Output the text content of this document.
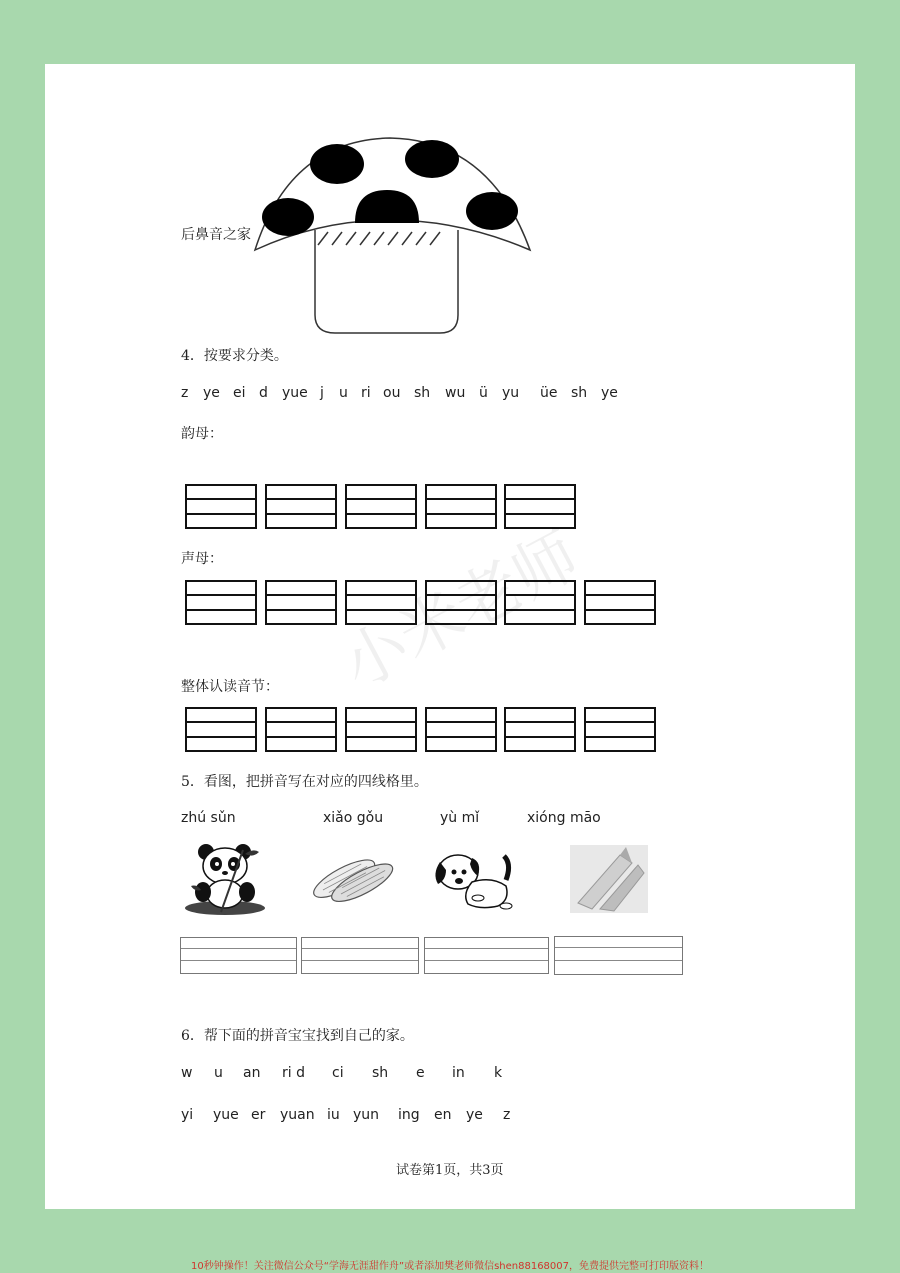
后鼻音之家
4．按要求分类。
z ye ei d yue j u ri ou sh wu ü yu üe sh ye
韵母：
声母： 小米老师
整体认读音节：
5．看图，把拼音写在对应的四线格里。
zhú sǔn	xiǎo gǒu	yù mǐ	xióng māo
6．帮下面的拼音宝宝找到自己的家。
w u an ri d ci sh e in k
yi yue er yuan iu yun ing en ye z
试卷第1页，共3页
10秒钟操作！关注微信公众号“学海无涯甜作舟”或者添加樊老师微信shen88168007，免费提供完整可打印版资料！
